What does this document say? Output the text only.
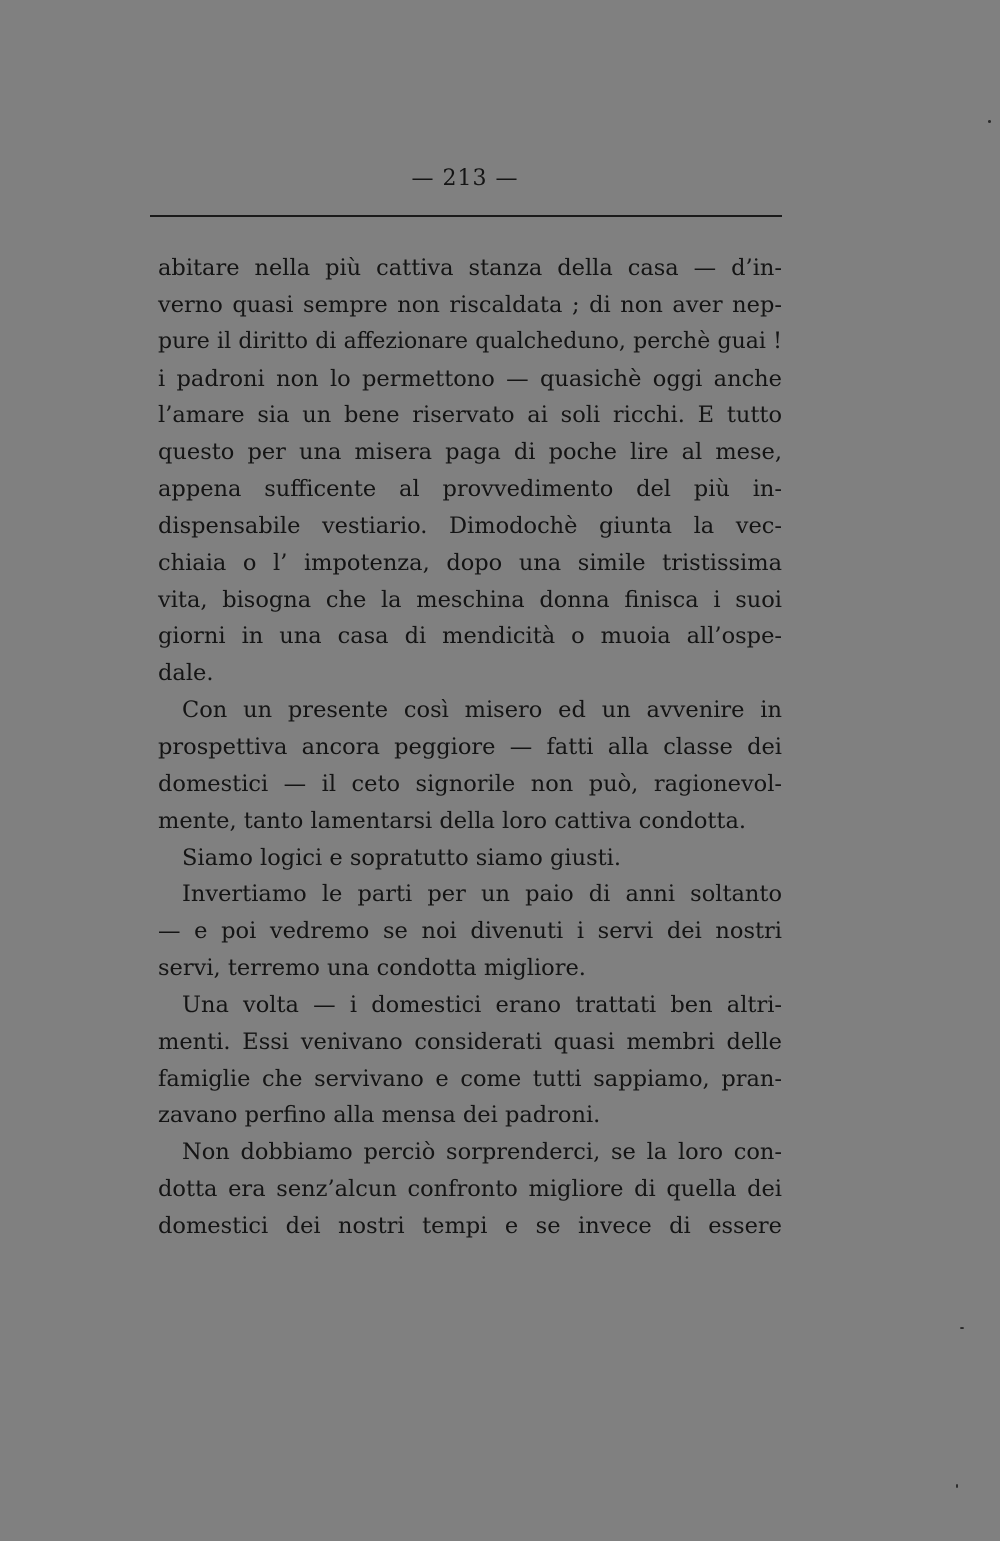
— 213 —
abitare nella più cattiva stanza della casa — d’in-
verno quasi sempre non riscaldata ; di non aver nep-
pure il diritto di affezionare qualcheduno, perchè guai !
i padroni non lo permettono — quasichè oggi anche
l’amare sia un bene riservato ai soli ricchi. E tutto
questo per una misera paga di poche lire al mese,
appena sufficente al provvedimento del più in-
dispensabile vestiario. Dimodochè giunta la vec-
chiaia o l’ impotenza, dopo una simile tristissima
vita, bisogna che la meschina donna finisca i suoi
giorni in una casa di mendicità o muoia all’ospe-
dale.
Con un presente così misero ed un avvenire in
prospettiva ancora peggiore — fatti alla classe dei
domestici — il ceto signorile non può, ragionevol-
mente, tanto lamentarsi della loro cattiva condotta.
Siamo logici e sopratutto siamo giusti.
Invertiamo le parti per un paio di anni soltanto
— e poi vedremo se noi divenuti i servi dei nostri
servi, terremo una condotta migliore.
Una volta — i domestici erano trattati ben altri-
menti. Essi venivano considerati quasi membri delle
famiglie che servivano e come tutti sappiamo, pran-
zavano perfino alla mensa dei padroni.
Non dobbiamo perciò sorprenderci, se la loro con-
dotta era senz’alcun confronto migliore di quella dei
domestici dei nostri tempi e se invece di essere
